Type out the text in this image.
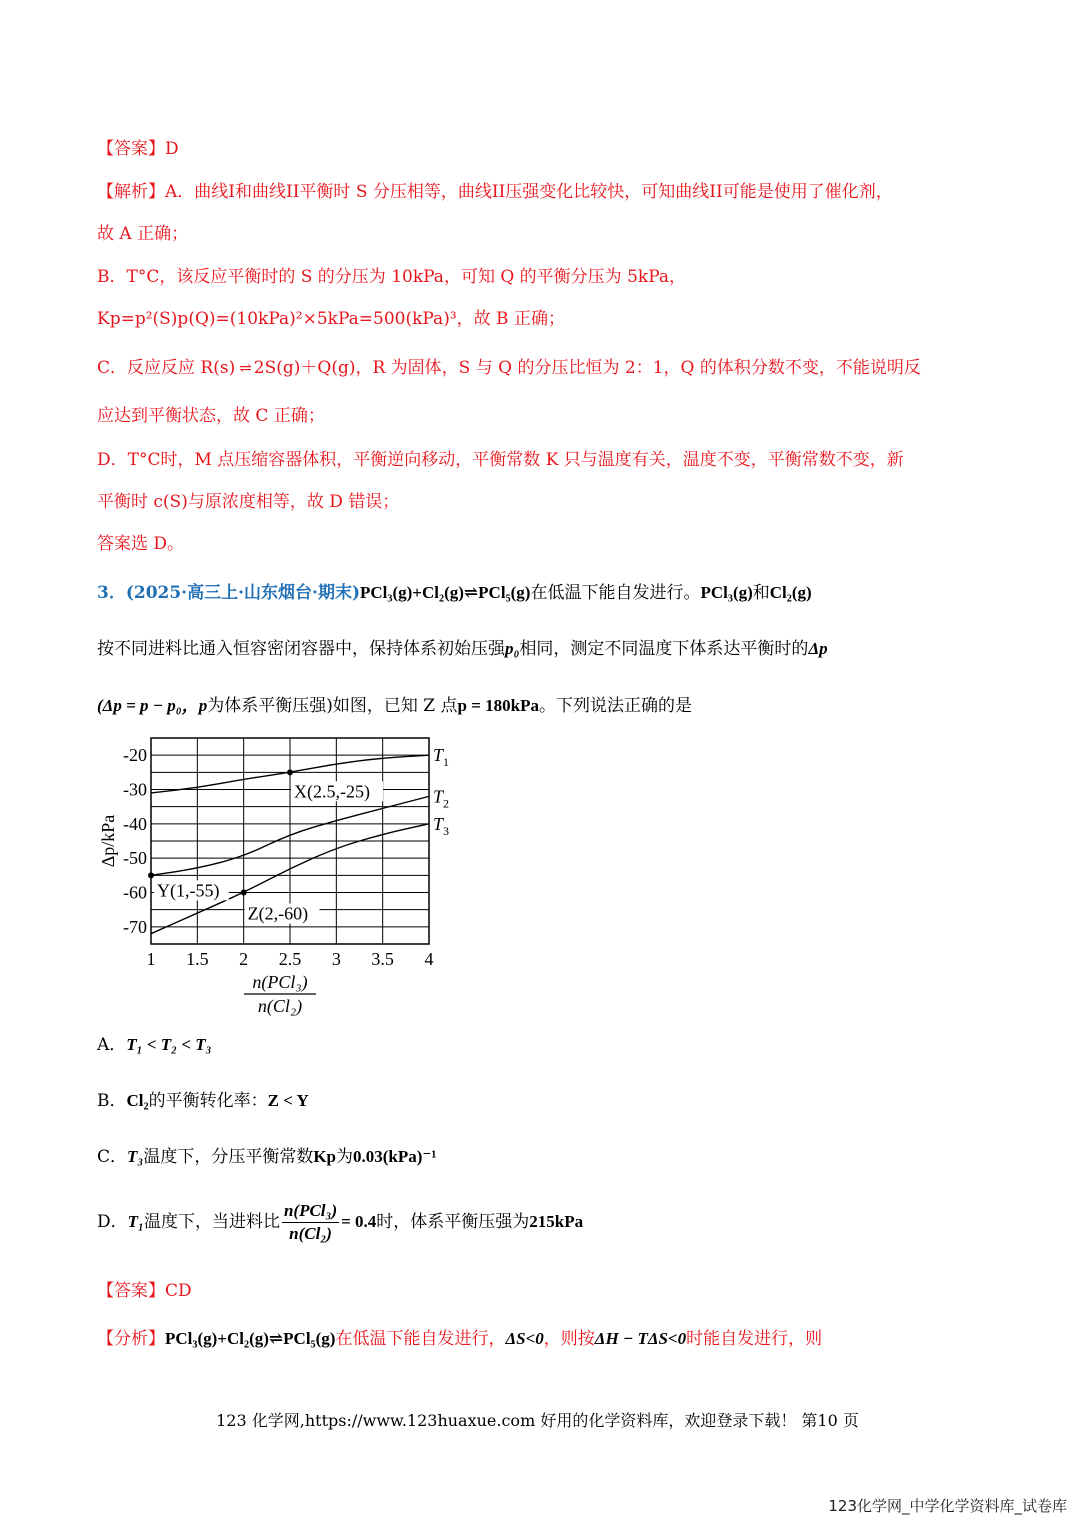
【答案】D
【解析】A．曲线I和曲线II平衡时 S 分压相等，曲线II压强变化比较快，可知曲线II可能是使用了催化剂，
故 A 正确；
B．T°C，该反应平衡时的 S 的分压为 10kPa，可知 Q 的平衡分压为 5kPa，
Kp=p²(S)p(Q)=(10kPa)²×5kPa=500(kPa)³，故 B 正确；
C．反应反应 R(s) ⇌ 2S(g)＋Q(g)，R 为固体，S 与 Q 的分压比恒为 2：1，Q 的体积分数不变，不能说明反
应达到平衡状态，故 C 正确；
D．T°C时，M 点压缩容器体积，平衡逆向移动，平衡常数 K 只与温度有关，温度不变，平衡常数不变，新
平衡时 c(S)与原浓度相等，故 D 错误；
答案选 D。
3．(2025·高三上·山东烟台·期末)PCl₃(g)+Cl₂(g)⇌PCl₅(g)在低温下能自发进行。PCl₃(g)和Cl₂(g)
按不同进料比通入恒容密闭容器中，保持体系初始压强p₀相同，测定不同温度下体系达平衡时的Δp
(Δp = p − p₀，p为体系平衡压强)如图，已知 Z 点p = 180kPa。下列说法正确的是
-20
-30
-40
-50
-60
-70
1 1.5 2 2.5 3 3.5 4
Δp/kPa
n(PCl₃)
n(Cl₂)
$T_1$
$T_2$
$T_3$
X(2.5,-25)
Y(1,-55)
Z(2,-60)
A．T₁ < T₂ < T₃
B．Cl₂的平衡转化率：Z < Y
C．T₃温度下，分压平衡常数Kp为0.03(kPa)⁻¹
D．T₁温度下，当进料比 $\frac{\text{n(PCl₃)}}{\text{n(Cl₂)}} = 0.4$时，体系平衡压强为215kPa
【答案】CD
【分析】PCl₃(g)+Cl₂(g)⇌PCl₅(g)在低温下能自发进行，ΔS<0，则按ΔH − TΔS<0时能自发进行，则
123 化学网,https://www.123huaxue.com 好用的化学资料库，欢迎登录下载！ 第10 页
123化学网_中学化学资料库_试卷库
